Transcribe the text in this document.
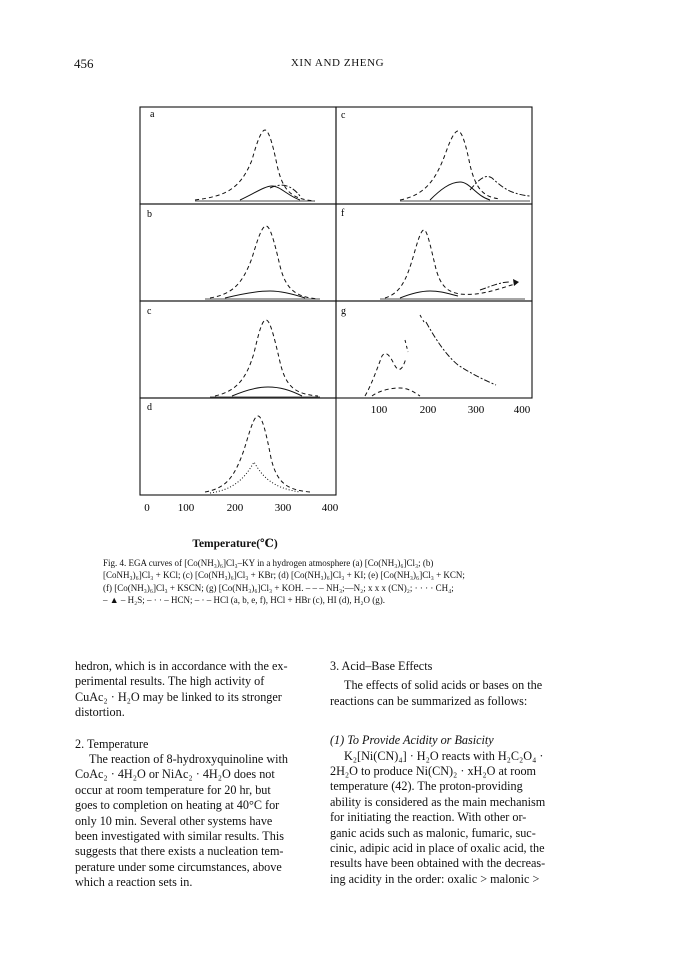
456	XIN AND ZHENG
a
b
c
d
c
f
g
0	100	200	300	400
100	200	300	400
Temperature(℃)

Fig. 4. EGA curves of [Co(NH₃)₆]Cl₃–KY in a hydrogen atmosphere (a) [Co(NH₃)₆]Cl₃; (b)

[CoNH₃)₆]Cl₃ + KCl; (c) [Co(NH₃)₆]Cl₃ + KBr; (d) [Co(NH₃)₆]Cl₃ + KI; (e) [Co(NH₃)₆]Cl₃ + KCN;

(f) [Co(NH₃)₆]Cl₃ + KSCN; (g) [Co(NH₃)₆]Cl₃ + KOH. – – – NH₃;—N₂; x x x (CN)₂; · · · · CH₄;

– ▲ – H₂S; – · · – HCN; – · – HCl (a, b, e, f), HCl + HBr (c), HI (d), H₂O (g).

hedron, which is in accordance with the ex-

perimental results. The high activity of

CuAc₂ · H₂O may be linked to its stronger

distortion.

2. Temperature

The reaction of 8-hydroxyquinoline with

CoAc₂ · 4H₂O or NiAc₂ · 4H₂O does not

occur at room temperature for 20 hr, but

goes to completion on heating at 40°C for

only 10 min. Several other systems have

been investigated with similar results. This

suggests that there exists a nucleation tem-

perature under some circumstances, above

which a reaction sets in.

3. Acid–Base Effects

The effects of solid acids or bases on the

reactions can be summarized as follows:

(1) To Provide Acidity or Basicity

K₂[Ni(CN)₄] · H₂O reacts with H₂C₂O₄ ·

2H₂O to produce Ni(CN)₂ · xH₂O at room

temperature (42). The proton-providing

ability is considered as the main mechanism

for initiating the reaction. With other or-

ganic acids such as malonic, fumaric, suc-

cinic, adipic acid in place of oxalic acid, the

results have been obtained with the decreas-

ing acidity in the order: oxalic > malonic >
